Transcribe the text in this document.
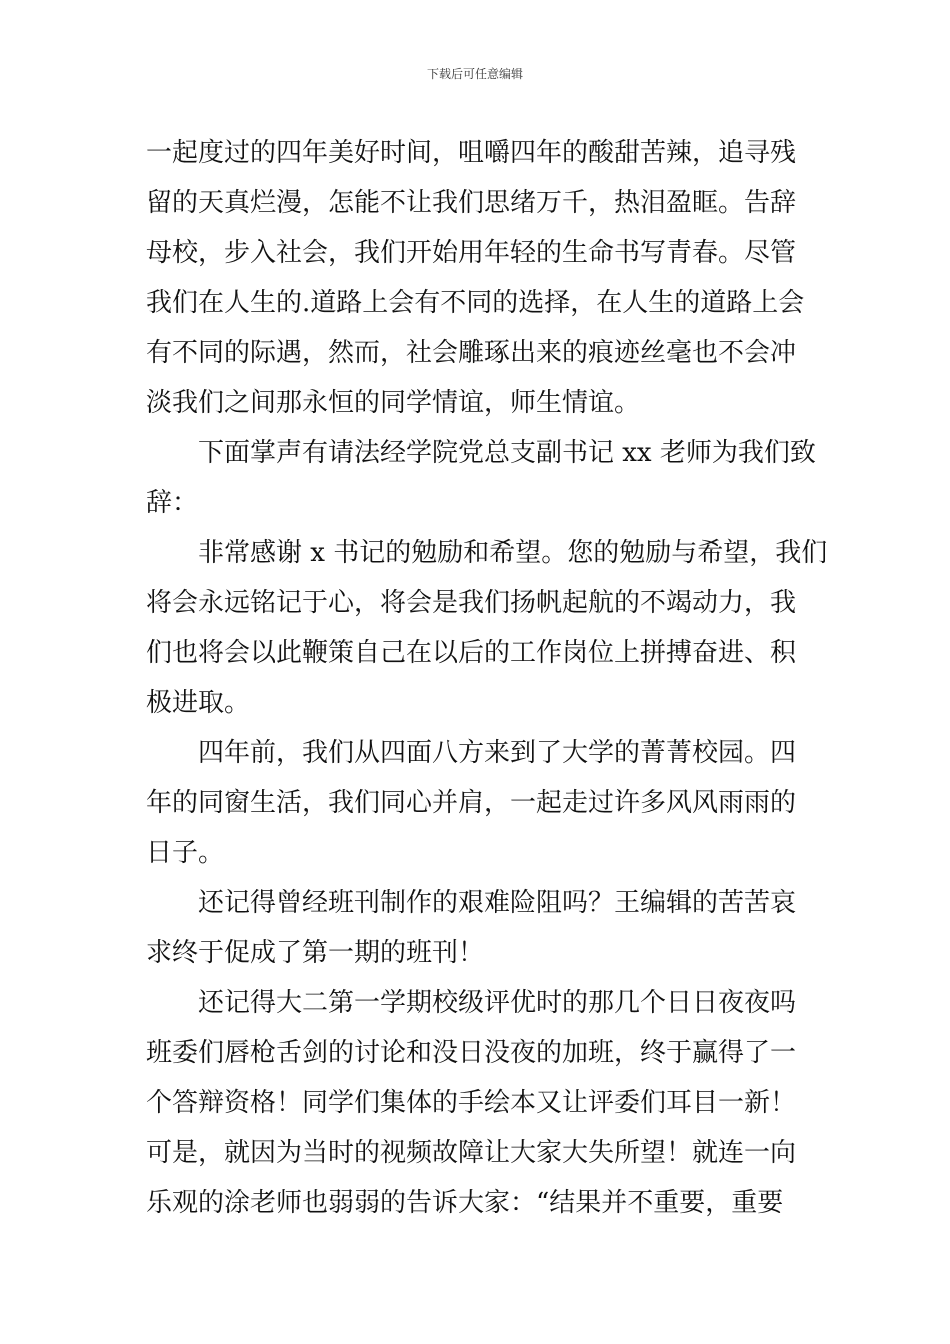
下载后可任意编辑
一起度过的四年美好时间，咀嚼四年的酸甜苦辣，追寻残
留的天真烂漫，怎能不让我们思绪万千，热泪盈眶。告辞
母校，步入社会，我们开始用年轻的生命书写青春。尽管
我们在人生的.道路上会有不同的选择，在人生的道路上会
有不同的际遇，然而，社会雕琢出来的痕迹丝毫也不会冲
淡我们之间那永恒的同学情谊，师生情谊。
下面掌声有请法经学院党总支副书记 xx 老师为我们致
辞：
非常感谢 x 书记的勉励和希望。您的勉励与希望，我们
将会永远铭记于心，将会是我们扬帆起航的不竭动力，我
们也将会以此鞭策自己在以后的工作岗位上拼搏奋进、积
极进取。
四年前，我们从四面八方来到了大学的菁菁校园。四
年的同窗生活，我们同心并肩，一起走过许多风风雨雨的
日子。
还记得曾经班刊制作的艰难险阻吗？王编辑的苦苦哀
求终于促成了第一期的班刊！
还记得大二第一学期校级评优时的那几个日日夜夜吗
班委们唇枪舌剑的讨论和没日没夜的加班，终于赢得了一
个答辩资格！同学们集体的手绘本又让评委们耳目一新！
可是，就因为当时的视频故障让大家大失所望！就连一向
乐观的涂老师也弱弱的告诉大家：“结果并不重要，重要
